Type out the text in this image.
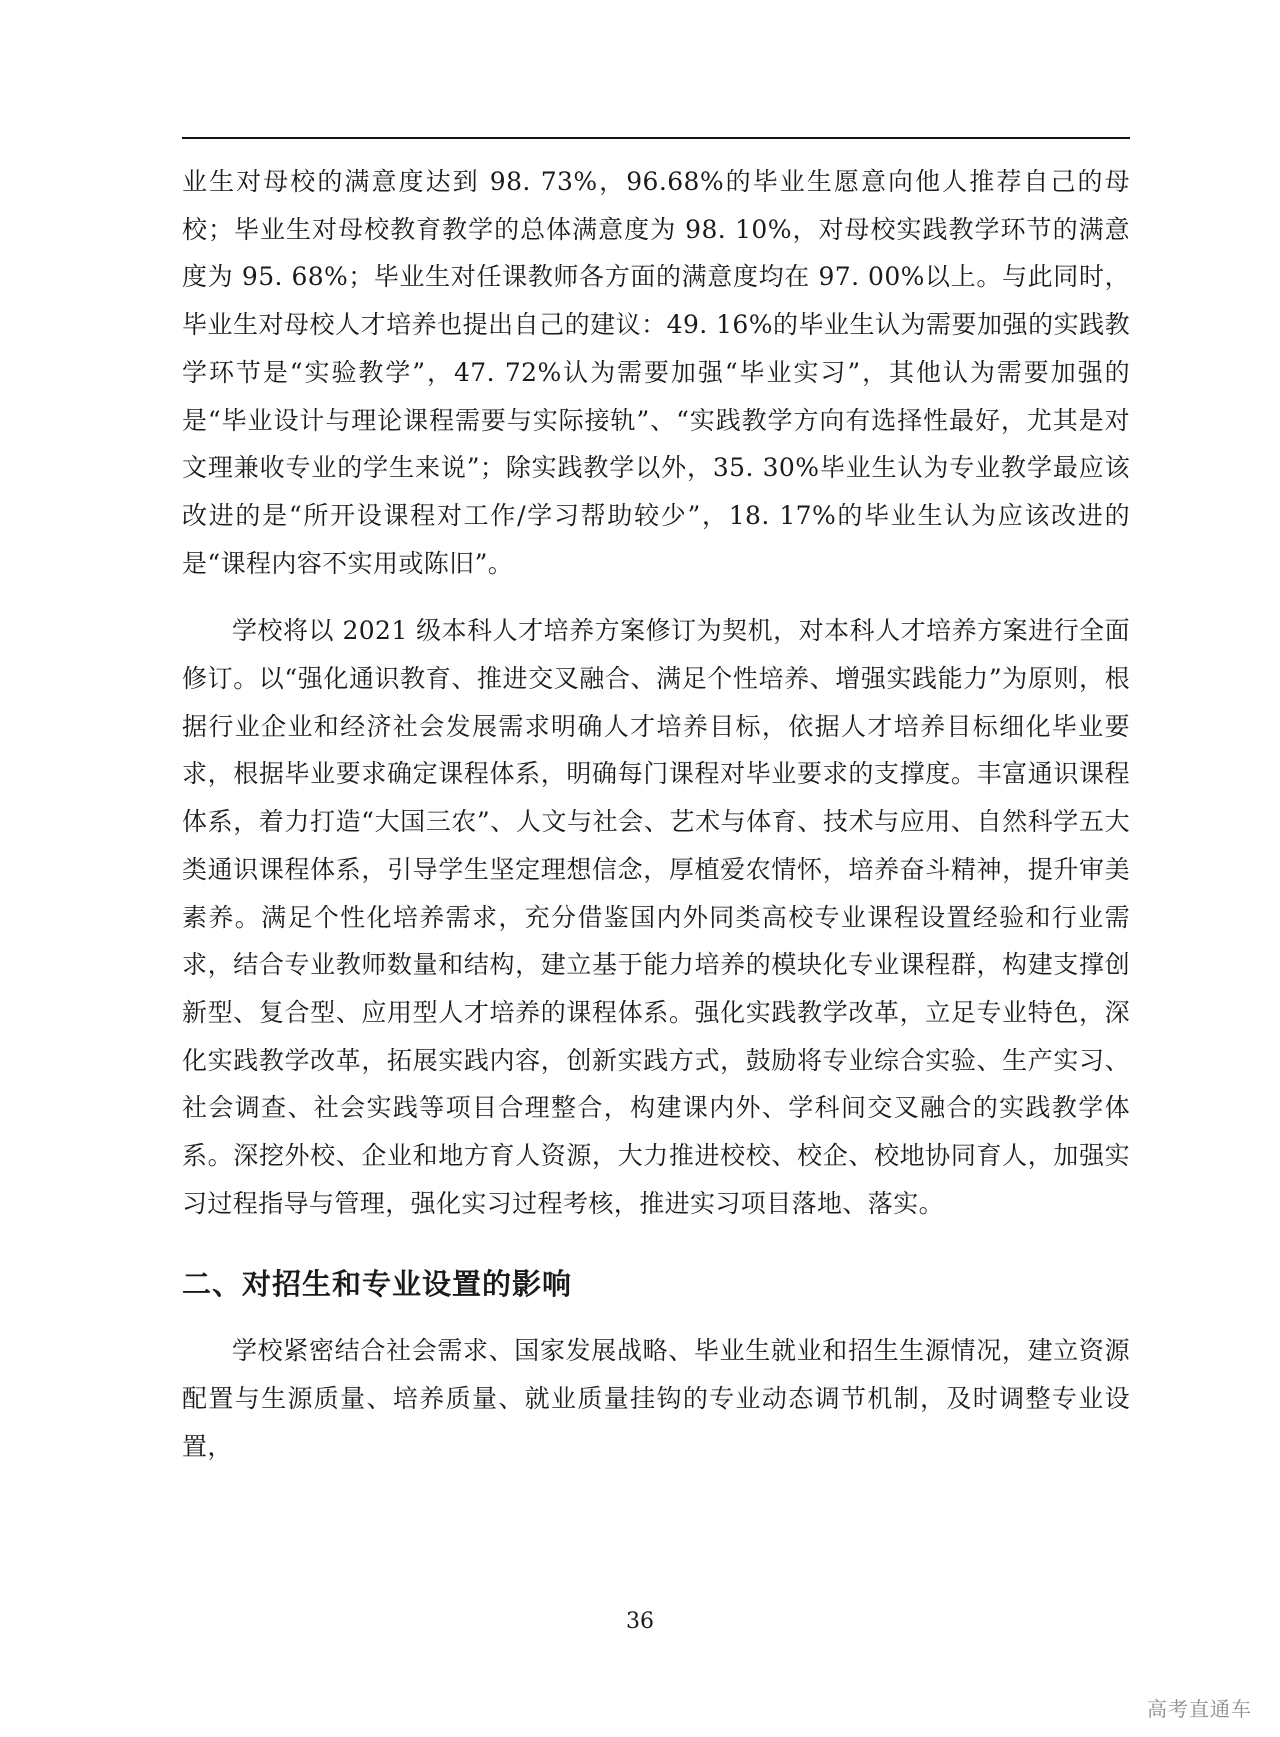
业生对母校的满意度达到 98. 73%，96.68%的毕业生愿意向他人推荐自己的母校；毕业生对母校教育教学的总体满意度为 98. 10%，对母校实践教学环节的满意度为 95. 68%；毕业生对任课教师各方面的满意度均在 97. 00%以上。与此同时，毕业生对母校人才培养也提出自己的建议：49. 16%的毕业生认为需要加强的实践教学环节是“实验教学”，47. 72%认为需要加强“毕业实习”，其他认为需要加强的是“毕业设计与理论课程需要与实际接轨”、“实践教学方向有选择性最好，尤其是对文理兼收专业的学生来说”；除实践教学以外，35. 30%毕业生认为专业教学最应该改进的是“所开设课程对工作/学习帮助较少”，18. 17%的毕业生认为应该改进的是“课程内容不实用或陈旧”。

学校将以 2021 级本科人才培养方案修订为契机，对本科人才培养方案进行全面修订。以“强化通识教育、推进交叉融合、满足个性培养、增强实践能力”为原则，根据行业企业和经济社会发展需求明确人才培养目标，依据人才培养目标细化毕业要求，根据毕业要求确定课程体系，明确每门课程对毕业要求的支撑度。丰富通识课程体系，着力打造“大国三农”、人文与社会、艺术与体育、技术与应用、自然科学五大类通识课程体系，引导学生坚定理想信念，厚植爱农情怀，培养奋斗精神，提升审美素养。满足个性化培养需求，充分借鉴国内外同类高校专业课程设置经验和行业需求，结合专业教师数量和结构，建立基于能力培养的模块化专业课程群，构建支撑创新型、复合型、应用型人才培养的课程体系。强化实践教学改革，立足专业特色，深化实践教学改革，拓展实践内容，创新实践方式，鼓励将专业综合实验、生产实习、社会调查、社会实践等项目合理整合，构建课内外、学科间交叉融合的实践教学体系。深挖外校、企业和地方育人资源，大力推进校校、校企、校地协同育人，加强实习过程指导与管理，强化实习过程考核，推进实习项目落地、落实。

二、对招生和专业设置的影响

学校紧密结合社会需求、国家发展战略、毕业生就业和招生生源情况，建立资源配置与生源质量、培养质量、就业质量挂钩的专业动态调节机制，及时调整专业设置，

36
高考直通车
